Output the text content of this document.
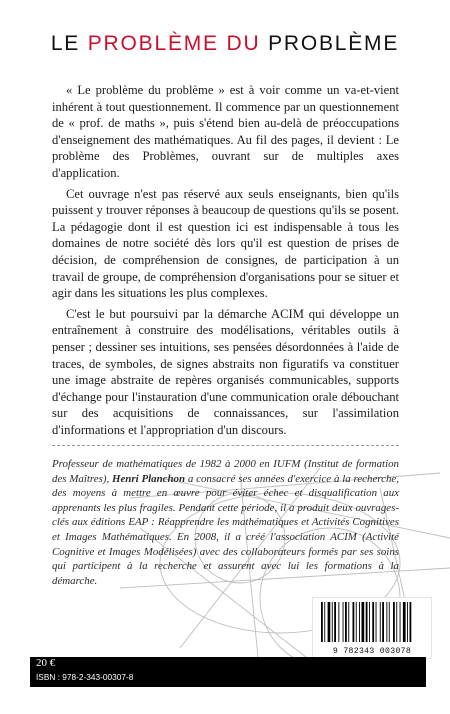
LE PROBLÈME DU PROBLÈME

« Le problème du problème » est à voir comme un va-et-vient inhérent à tout questionnement. Il commence par un questionnement de « prof. de maths », puis s'étend bien au-delà de préoccupations d'enseignement des mathématiques. Au fil des pages, il devient : Le problème des Problèmes, ouvrant sur de multiples axes d'application.

Cet ouvrage n'est pas réservé aux seuls enseignants, bien qu'ils puissent y trouver réponses à beaucoup de questions qu'ils se posent. La pédagogie dont il est question ici est indispensable à tous les domaines de notre société dès lors qu'il est question de prises de décision, de compréhension de consignes, de participation à un travail de groupe, de compréhension d'organisations pour se situer et agir dans les situations les plus complexes.

C'est le but poursuivi par la démarche ACIM qui développe un entraînement à construire des modélisations, véritables outils à penser ; dessiner ses intuitions, ses pensées désordonnées à l'aide de traces, de symboles, de signes abstraits non figuratifs va constituer une image abstraite de repères organisés communicables, supports d'échange pour l'instauration d'une communication orale débouchant sur des acquisitions de connaissances, sur l'assimilation d'informations et l'appropriation d'un discours.

Professeur de mathématiques de 1982 à 2000 en IUFM (Institut de formation des Maîtres), Henri Planchon a consacré ses années d'exercice à la recherche, des moyens à mettre en œuvre pour éviter échec et disqualification aux apprenants les plus fragiles. Pendant cette période, il a produit deux ouvrages-clés aux éditions EAP : Réapprendre les mathématiques et Activités Cognitives et Images Mathématiques. En 2008, il a créé l'association ACIM (Activité Cognitive et Images Modélisées) avec des collaborateurs formés par ses soins qui participent à la recherche et assurent avec lui les formations à la démarche.
9 782343 003078
20 €
ISBN : 978-2-343-00307-8
